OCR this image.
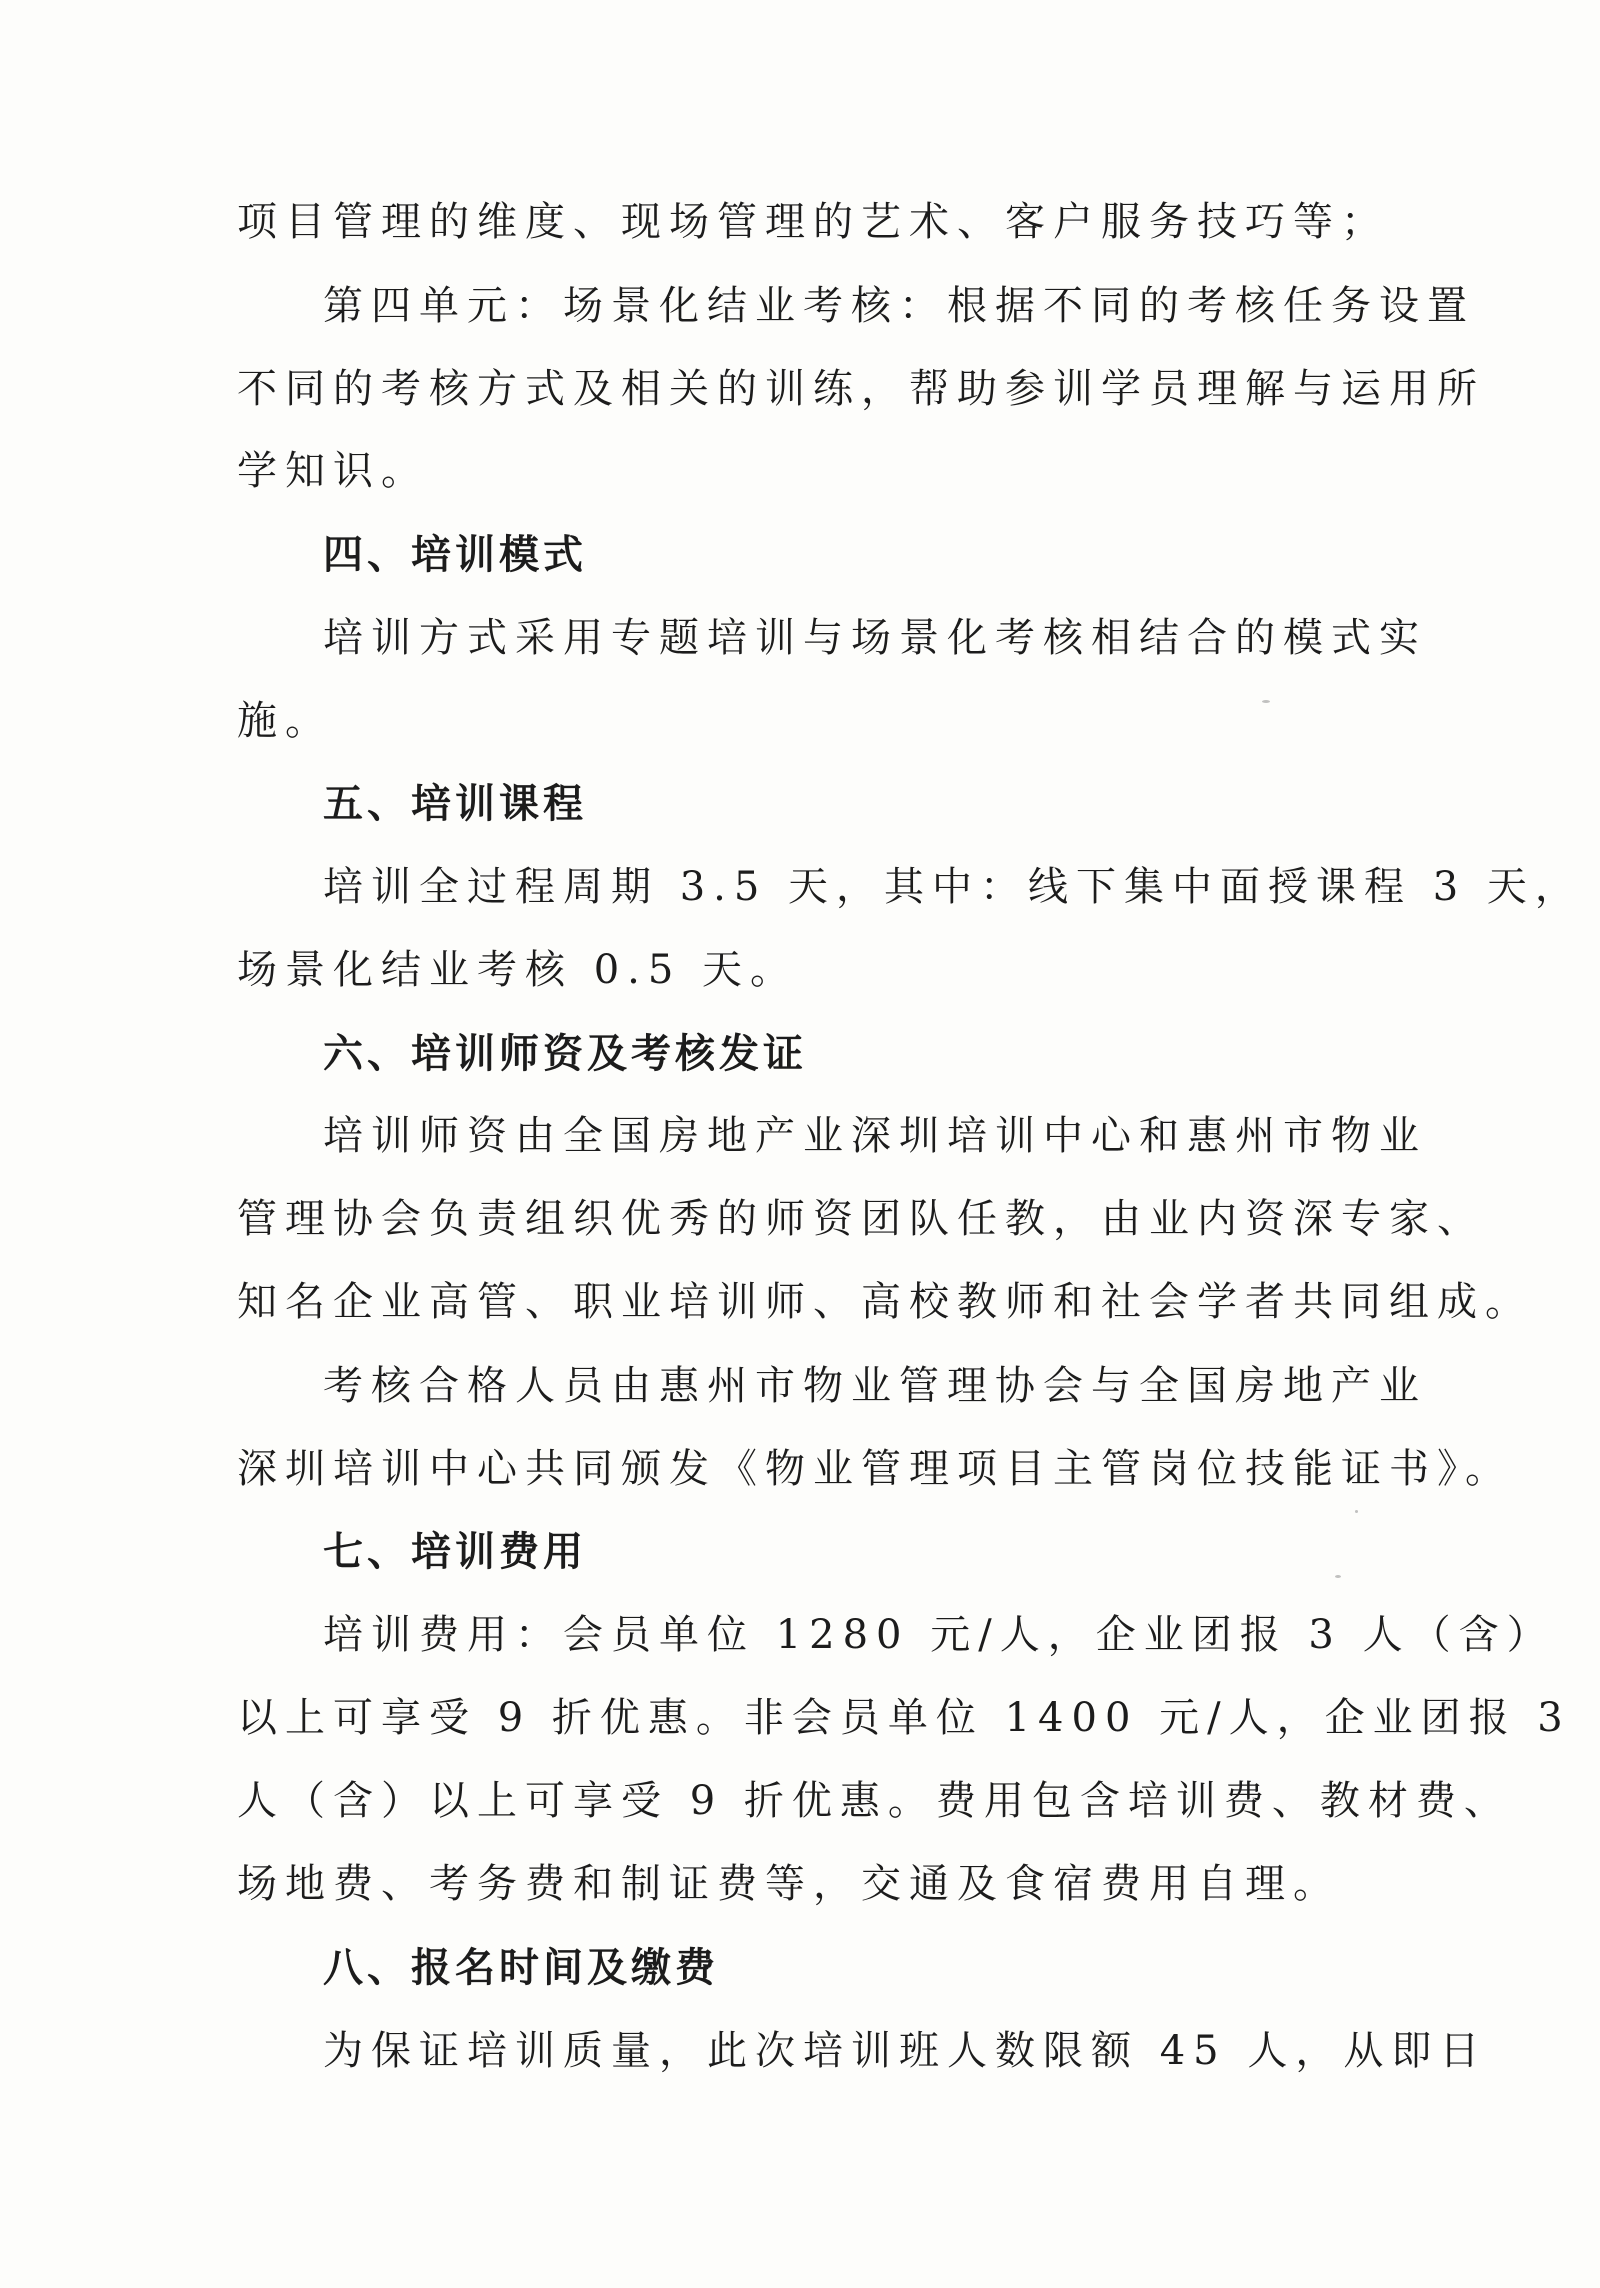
项目管理的维度、现场管理的艺术、客户服务技巧等；
第四单元：场景化结业考核：根据不同的考核任务设置
不同的考核方式及相关的训练，帮助参训学员理解与运用所
学知识。
四、培训模式
培训方式采用专题培训与场景化考核相结合的模式实
施。
五、培训课程
培训全过程周期 3.5 天，其中：线下集中面授课程 3 天，
场景化结业考核 0.5 天。
六、培训师资及考核发证
培训师资由全国房地产业深圳培训中心和惠州市物业
管理协会负责组织优秀的师资团队任教，由业内资深专家、
知名企业高管、职业培训师、高校教师和社会学者共同组成。
考核合格人员由惠州市物业管理协会与全国房地产业
深圳培训中心共同颁发《物业管理项目主管岗位技能证书》。
七、培训费用
培训费用：会员单位 1280 元/人，企业团报 3 人（含）
以上可享受 9 折优惠。非会员单位 1400 元/人，企业团报 3
人（含）以上可享受 9 折优惠。费用包含培训费、教材费、
场地费、考务费和制证费等，交通及食宿费用自理。
八、报名时间及缴费
为保证培训质量，此次培训班人数限额 45 人，从即日
